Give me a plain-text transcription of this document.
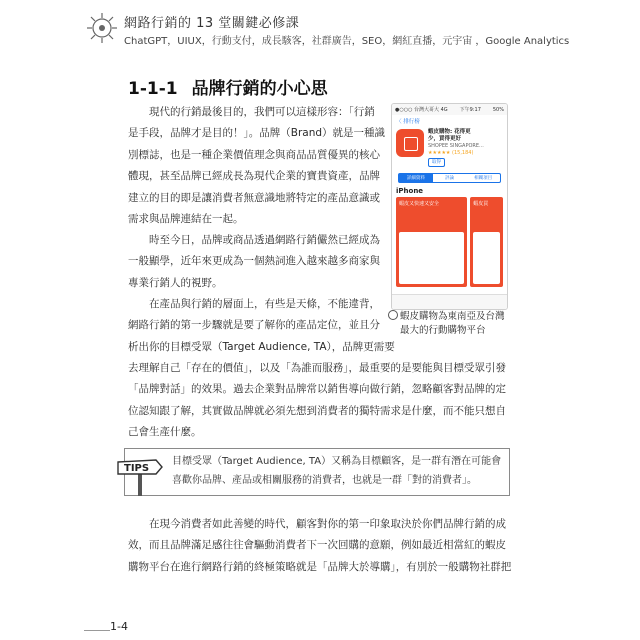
網路行銷的 13 堂關鍵必修課
ChatGPT，UIUX，行動支付，成長駭客，社群廣告，SEO，網紅直播，元宇宙 ，Google Analytics
1-1-1 品牌行銷的小心思
現代的行銷最後目的，我們可以這樣形容：「行銷
是手段，品牌才是目的！」。品牌（Brand）就是一種識
別標誌，也是一種企業價值理念與商品品質優異的核心
體現，甚至品牌已經成長為現代企業的寶貴資產，品牌
建立的目的即是讓消費者無意識地將特定的產品意識或
需求與品牌連結在一起。
時至今日，品牌或商品透過網路行銷儼然已經成為
一般顯學，近年來更成為一個熱詞進入越來越多商家與
專業行銷人的視野。
在產品與行銷的層面上，有些是天條，不能違背，
網路行銷的第一步驟就是要了解你的產品定位，並且分
析出你的目標受眾（Target Audience, TA），品牌更需要
去理解自己「存在的價值」，以及「為誰而服務」，最重要的是要能與目標受眾引發
「品牌對話」的效果。過去企業對品牌常以銷售導向做行銷，忽略顧客對品牌的定
位認知跟了解，其實做品牌就必須先想到消費者的獨特需求是什麼，而不能只想自
己會生產什麼。
●○○○ 台灣大哥大 4G 下午9:17 50%
〈 排行榜
蝦皮購物: 花得更
少，買得更好
SHOPEE SINGAPORE...
★★★★★ (15,184)
取得
詳細資料	評論	相關項目
iPhone
蝦皮又快速又安全	蝦皮買
蝦皮購物為東南亞及台灣
最大的行動購物平台
TIPS
目標受眾（Target Audience, TA）又稱為目標顧客，是一群有潛在可能會
喜歡你品牌、產品或相關服務的消費者，也就是一群「對的消費者」。
在現今消費者如此善變的時代，顧客對你的第一印象取決於你們品牌行銷的成
效，而且品牌滿足感往往會驅動消費者下一次回購的意願，例如最近相當紅的蝦皮
購物平台在進行網路行銷的終極策略就是「品牌大於導購」，有別於一般購物社群把
1-4
